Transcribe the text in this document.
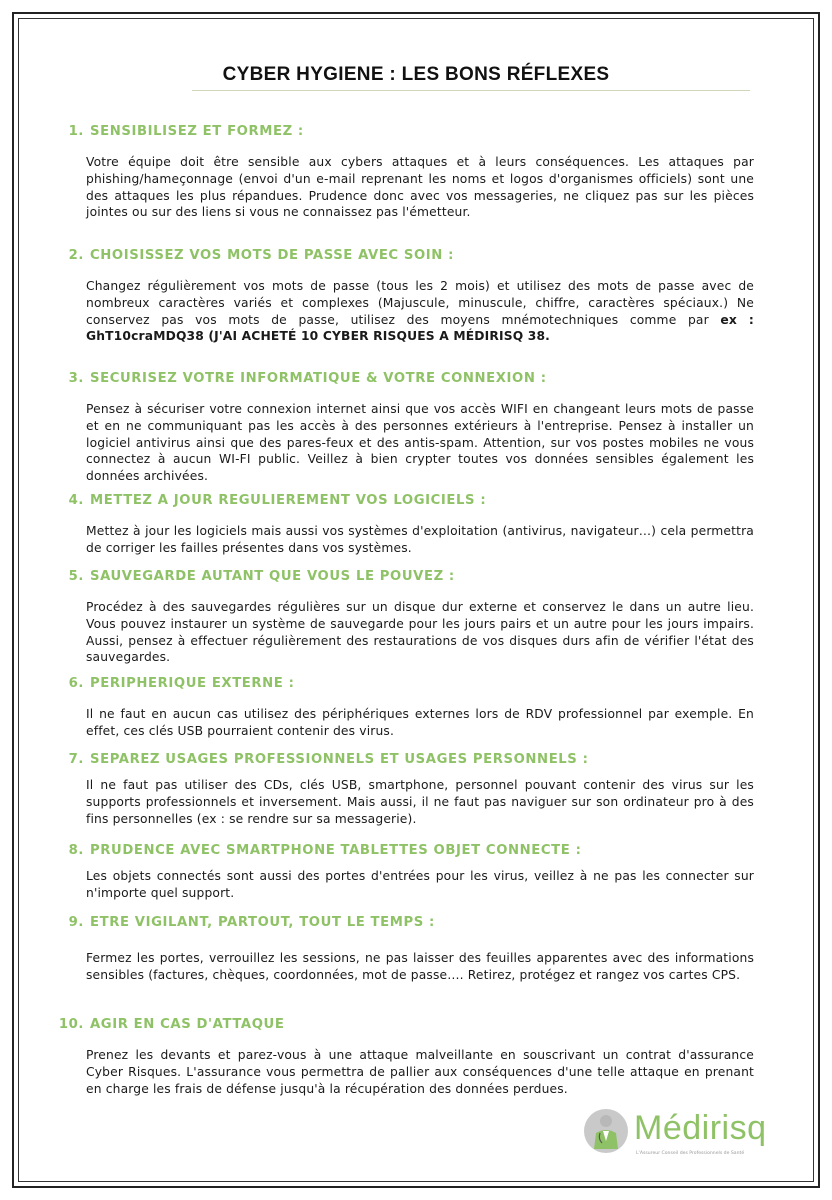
CYBER HYGIENE : LES BONS RÉFLEXES
1. SENSIBILISEZ ET FORMEZ :
Votre équipe doit être sensible aux cybers attaques et à leurs conséquences. Les attaques par phishing/hameçonnage (envoi d'un e-mail reprenant les noms et logos d'organismes officiels) sont une des attaques les plus répandues. Prudence donc avec vos messageries, ne cliquez pas sur les pièces jointes ou sur des liens si vous ne connaissez pas l'émetteur.
2. CHOISISSEZ VOS MOTS DE PASSE AVEC SOIN :
Changez régulièrement vos mots de passe (tous les 2 mois) et utilisez des mots de passe avec de nombreux caractères variés et complexes (Majuscule, minuscule, chiffre, caractères spéciaux.) Ne conservez pas vos mots de passe, utilisez des moyens mnémotechniques comme par ex : GhT10craMDQ38 (J'AI ACHETÉ 10 CYBER RISQUES A MÉDIRISQ 38.
3. SECURISEZ VOTRE INFORMATIQUE & VOTRE CONNEXION :
Pensez à sécuriser votre connexion internet ainsi que vos accès WIFI en changeant leurs mots de passe et en ne communiquant pas les accès à des personnes extérieurs à l'entreprise. Pensez à installer un logiciel antivirus ainsi que des pares-feux et des antis-spam. Attention, sur vos postes mobiles ne vous connectez à aucun WI-FI public. Veillez à bien crypter toutes vos données sensibles également les données archivées.
4. METTEZ A JOUR REGULIEREMENT VOS LOGICIELS :
Mettez à jour les logiciels mais aussi vos systèmes d'exploitation (antivirus, navigateur…) cela permettra de corriger les failles présentes dans vos systèmes.
5. SAUVEGARDE AUTANT QUE VOUS LE POUVEZ :
Procédez à des sauvegardes régulières sur un disque dur externe et conservez le dans un autre lieu. Vous pouvez instaurer un système de sauvegarde pour les jours pairs et un autre pour les jours impairs. Aussi, pensez à effectuer régulièrement des restaurations de vos disques durs afin de vérifier l'état des sauvegardes.
6. PERIPHERIQUE EXTERNE :
Il ne faut en aucun cas utilisez des périphériques externes lors de RDV professionnel par exemple. En effet, ces clés USB pourraient contenir des virus.
7. SEPAREZ USAGES PROFESSIONNELS ET USAGES PERSONNELS :
Il ne faut pas utiliser des CDs, clés USB, smartphone, personnel pouvant contenir des virus sur les supports professionnels et inversement. Mais aussi, il ne faut pas naviguer sur son ordinateur pro à des fins personnelles (ex : se rendre sur sa messagerie).
8. PRUDENCE AVEC SMARTPHONE TABLETTES OBJET CONNECTE :
Les objets connectés sont aussi des portes d'entrées pour les virus, veillez à ne pas les connecter sur n'importe quel support.
9. ETRE VIGILANT, PARTOUT, TOUT LE TEMPS :
Fermez les portes, verrouillez les sessions, ne pas laisser des feuilles apparentes avec des informations sensibles (factures, chèques, coordonnées, mot de passe…. Retirez, protégez et rangez vos cartes CPS.
10. AGIR EN CAS D'ATTAQUE
Prenez les devants et parez-vous à une attaque malveillante en souscrivant un contrat d'assurance Cyber Risques. L'assurance vous permettra de pallier aux conséquences d'une telle attaque en prenant en charge les frais de défense jusqu'à la récupération des données perdues.
Médirisq
L'Assureur Conseil des Professionnels de Santé
